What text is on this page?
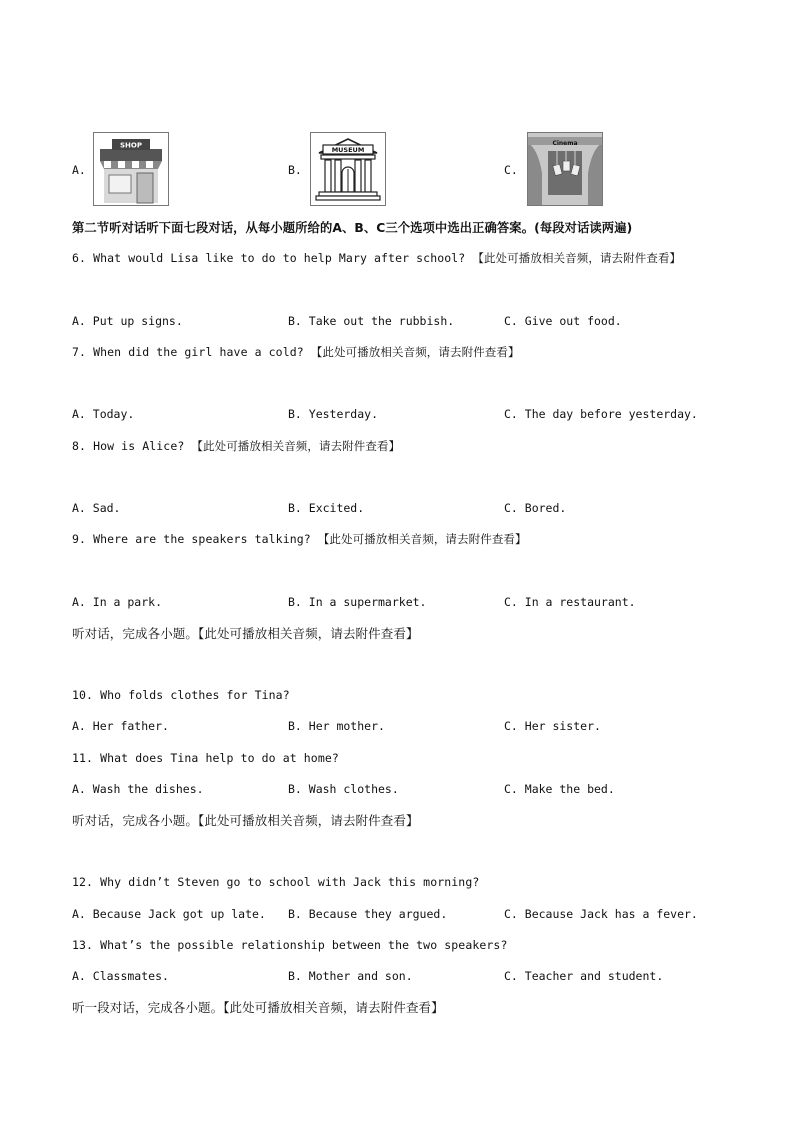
A.
SHOP
B.
MUSEUM
C.
Cinema
第二节听对话听下面七段对话，从每小题所给的A、B、C三个选项中选出正确答案。(每段对话读两遍)
6. What would Lisa like to do to help Mary after school? 【此处可播放相关音频，请去附件查看】
A. Put up signs.	B. Take out the rubbish.	C. Give out food.
7. When did the girl have a cold? 【此处可播放相关音频，请去附件查看】
A. Today.	B. Yesterday.	C. The day before yesterday.
8. How is Alice? 【此处可播放相关音频，请去附件查看】
A. Sad.	B. Excited.	C. Bored.
9. Where are the speakers talking? 【此处可播放相关音频，请去附件查看】
A. In a park.	B. In a supermarket.	C. In a restaurant.
听对话，完成各小题。【此处可播放相关音频，请去附件查看】
10. Who folds clothes for Tina?
A. Her father.	B. Her mother.	C. Her sister.
11. What does Tina help to do at home?
A. Wash the dishes.	B. Wash clothes.	C. Make the bed.
听对话，完成各小题。【此处可播放相关音频，请去附件查看】
12. Why didn’t Steven go to school with Jack this morning?
A. Because Jack got up late. B. Because they argued.	C. Because Jack has a fever.
13. What’s the possible relationship between the two speakers?
A. Classmates.	B. Mother and son.	C. Teacher and student.
听一段对话，完成各小题。【此处可播放相关音频，请去附件查看】
